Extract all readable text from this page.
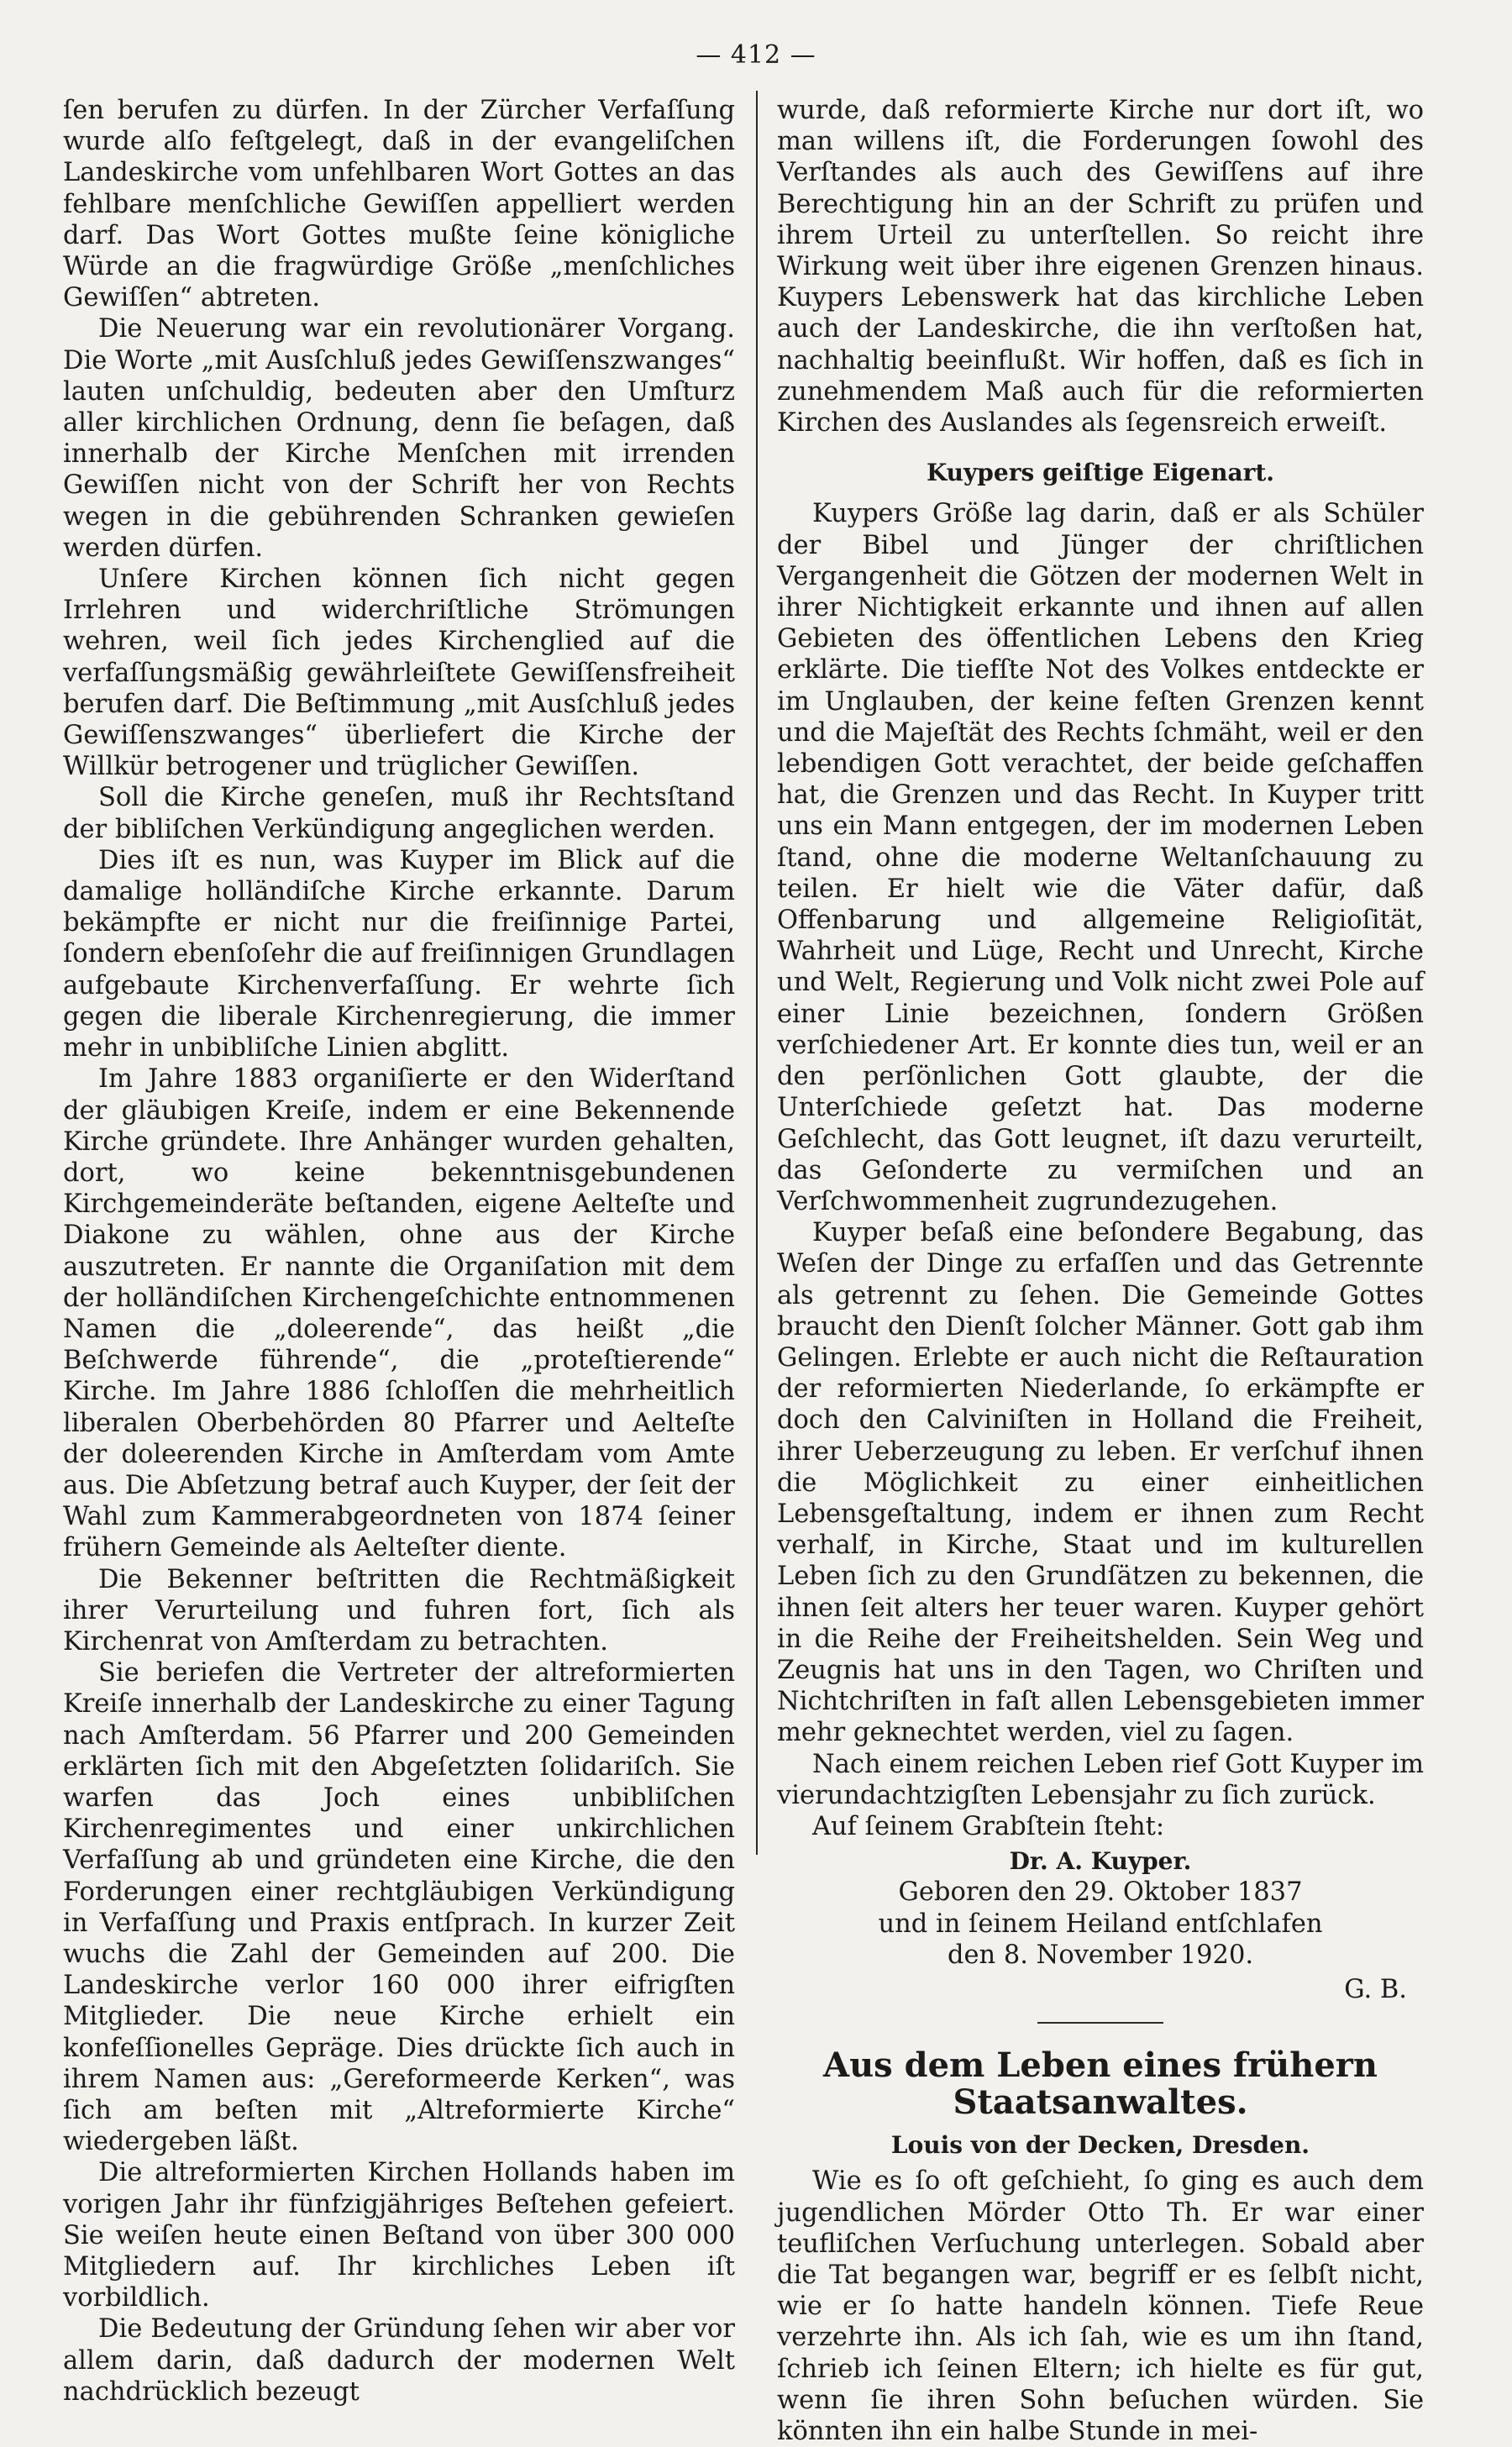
— 412 —

ſen berufen zu dürfen. In der Zürcher Verfaſſung wurde alſo feſtgelegt, daß in der evangeliſchen Landeskirche vom unfehlbaren Wort Gottes an das fehlbare menſchliche Gewiſſen appelliert werden darf. Das Wort Gottes mußte ſeine königliche Würde an die fragwürdige Größe „menſchliches Gewiſſen“ abtreten.

Die Neuerung war ein revolutionärer Vorgang. Die Worte „mit Ausſchluß jedes Gewiſſenszwanges“ lauten unſchuldig, bedeuten aber den Umſturz aller kirchlichen Ordnung, denn ſie beſagen, daß innerhalb der Kirche Menſchen mit irrenden Gewiſſen nicht von der Schrift her von Rechts wegen in die gebührenden Schranken gewieſen werden dürfen.

Unſere Kirchen können ſich nicht gegen Irrlehren und widerchriſtliche Strömungen wehren, weil ſich jedes Kirchenglied auf die verfaſſungsmäßig gewährleiſtete Gewiſſensfreiheit berufen darf. Die Beſtimmung „mit Ausſchluß jedes Gewiſſenszwanges“ überliefert die Kirche der Willkür betrogener und trüglicher Gewiſſen.

Soll die Kirche geneſen, muß ihr Rechtsſtand der bibliſchen Verkündigung angeglichen werden.

Dies iſt es nun, was Kuyper im Blick auf die damalige holländiſche Kirche erkannte. Darum bekämpfte er nicht nur die freiſinnige Partei, ſondern ebenſoſehr die auf freiſinnigen Grundlagen aufgebaute Kirchenverfaſſung. Er wehrte ſich gegen die liberale Kirchenregierung, die immer mehr in unbibliſche Linien abglitt.

Im Jahre 1883 organiſierte er den Widerſtand der gläubigen Kreiſe, indem er eine Bekennende Kirche gründete. Ihre Anhänger wurden gehalten, dort, wo keine bekenntnisgebundenen Kirchgemeinderäte beſtanden, eigene Aelteſte und Diakone zu wählen, ohne aus der Kirche auszutreten. Er nannte die Organiſation mit dem der holländiſchen Kirchengeſchichte entnommenen Namen die „doleerende“, das heißt „die Beſchwerde führende“, die „proteſtierende“ Kirche. Im Jahre 1886 ſchloſſen die mehrheitlich liberalen Oberbehörden 80 Pfarrer und Aelteſte der doleerenden Kirche in Amſterdam vom Amte aus. Die Abſetzung betraf auch Kuyper, der ſeit der Wahl zum Kammerabgeordneten von 1874 ſeiner frühern Gemeinde als Aelteſter diente.

Die Bekenner beſtritten die Rechtmäßigkeit ihrer Verurteilung und fuhren fort, ſich als Kirchenrat von Amſterdam zu betrachten.

Sie beriefen die Vertreter der altreformierten Kreiſe innerhalb der Landeskirche zu einer Tagung nach Amſterdam. 56 Pfarrer und 200 Gemeinden erklärten ſich mit den Abgeſetzten ſolidariſch. Sie warfen das Joch eines unbibliſchen Kirchenregimentes und einer unkirchlichen Verfaſſung ab und gründeten eine Kirche, die den Forderungen einer rechtgläubigen Verkündigung in Verfaſſung und Praxis entſprach. In kurzer Zeit wuchs die Zahl der Gemeinden auf 200. Die Landeskirche verlor 160 000 ihrer eifrigſten Mitglieder. Die neue Kirche erhielt ein konfeſſionelles Gepräge. Dies drückte ſich auch in ihrem Namen aus: „Gereformeerde Kerken“, was ſich am beſten mit „Altreformierte Kirche“ wiedergeben läßt.

Die altreformierten Kirchen Hollands haben im vorigen Jahr ihr fünfzigjähriges Beſtehen gefeiert. Sie weiſen heute einen Beſtand von über 300 000 Mitgliedern auf. Ihr kirchliches Leben iſt vorbildlich.

Die Bedeutung der Gründung ſehen wir aber vor allem darin, daß dadurch der modernen Welt nachdrücklich bezeugt

wurde, daß reformierte Kirche nur dort iſt, wo man willens iſt, die Forderungen ſowohl des Verſtandes als auch des Gewiſſens auf ihre Berechtigung hin an der Schrift zu prüfen und ihrem Urteil zu unterſtellen. So reicht ihre Wirkung weit über ihre eigenen Grenzen hinaus. Kuypers Lebenswerk hat das kirchliche Leben auch der Landeskirche, die ihn verſtoßen hat, nachhaltig beeinflußt. Wir hoffen, daß es ſich in zunehmendem Maß auch für die reformierten Kirchen des Auslandes als ſegensreich erweiſt.

Kuypers geiſtige Eigenart.

Kuypers Größe lag darin, daß er als Schüler der Bibel und Jünger der chriſtlichen Vergangenheit die Götzen der modernen Welt in ihrer Nichtigkeit erkannte und ihnen auf allen Gebieten des öffentlichen Lebens den Krieg erklärte. Die tiefſte Not des Volkes entdeckte er im Unglauben, der keine feſten Grenzen kennt und die Majeſtät des Rechts ſchmäht, weil er den lebendigen Gott verachtet, der beide geſchaffen hat, die Grenzen und das Recht. In Kuyper tritt uns ein Mann entgegen, der im modernen Leben ſtand, ohne die moderne Weltanſchauung zu teilen. Er hielt wie die Väter dafür, daß Offenbarung und allgemeine Religioſität, Wahrheit und Lüge, Recht und Unrecht, Kirche und Welt, Regierung und Volk nicht zwei Pole auf einer Linie bezeichnen, ſondern Größen verſchiedener Art. Er konnte dies tun, weil er an den perſönlichen Gott glaubte, der die Unterſchiede geſetzt hat. Das moderne Geſchlecht, das Gott leugnet, iſt dazu verurteilt, das Geſonderte zu vermiſchen und an Verſchwommenheit zugrundezugehen.

Kuyper beſaß eine beſondere Begabung, das Weſen der Dinge zu erfaſſen und das Getrennte als getrennt zu ſehen. Die Gemeinde Gottes braucht den Dienſt ſolcher Männer. Gott gab ihm Gelingen. Erlebte er auch nicht die Reſtauration der reformierten Niederlande, ſo erkämpfte er doch den Calviniſten in Holland die Freiheit, ihrer Ueberzeugung zu leben. Er verſchuf ihnen die Möglichkeit zu einer einheitlichen Lebensgeſtaltung, indem er ihnen zum Recht verhalf, in Kirche, Staat und im kulturellen Leben ſich zu den Grundſätzen zu bekennen, die ihnen ſeit alters her teuer waren. Kuyper gehört in die Reihe der Freiheitshelden. Sein Weg und Zeugnis hat uns in den Tagen, wo Chriſten und Nichtchriſten in faſt allen Lebensgebieten immer mehr geknechtet werden, viel zu ſagen.

Nach einem reichen Leben rief Gott Kuyper im vierundachtzigſten Lebensjahr zu ſich zurück.

Auf ſeinem Grabſtein ſteht:

Dr. A. Kuyper.
Geboren den 29. Oktober 1837
und in ſeinem Heiland entſchlafen
den 8. November 1920.
G. B.
Aus dem Leben eines frühern
Staatsanwaltes.
Louis von der Decken, Dresden.

Wie es ſo oft geſchieht, ſo ging es auch dem jugendlichen Mörder Otto Th. Er war einer teufliſchen Verſuchung unterlegen. Sobald aber die Tat begangen war, begriff er es ſelbſt nicht, wie er ſo hatte handeln können. Tiefe Reue verzehrte ihn. Als ich ſah, wie es um ihn ſtand, ſchrieb ich ſeinen Eltern; ich hielte es für gut, wenn ſie ihren Sohn beſuchen würden. Sie könnten ihn ein halbe Stunde in mei-
